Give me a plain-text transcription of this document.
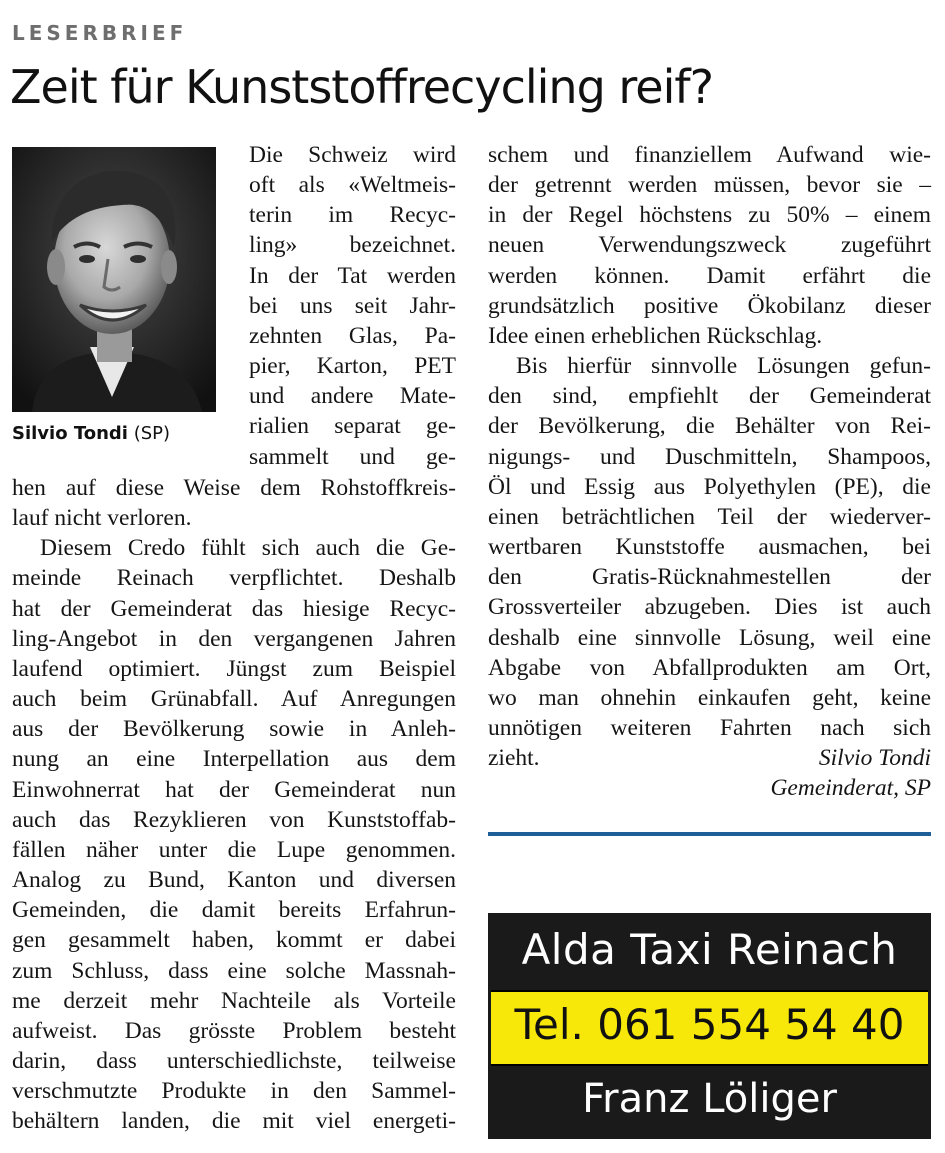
LESERBRIEF
Zeit für Kunststoffrecycling reif?
Silvio Tondi (SP)
Die Schweiz wird
oft als «Weltmeis-
terin im Recyc-
ling» bezeichnet.
In der Tat werden
bei uns seit Jahr-
zehnten Glas, Pa-
pier, Karton, PET
und andere Mate-
rialien separat ge-
sammelt und ge-
hen auf diese Weise dem Rohstoffkreis-
lauf nicht verloren.
Diesem Credo fühlt sich auch die Ge-
meinde Reinach verpflichtet. Deshalb
hat der Gemeinderat das hiesige Recyc-
ling-Angebot in den vergangenen Jahren
laufend optimiert. Jüngst zum Beispiel
auch beim Grünabfall. Auf Anregungen
aus der Bevölkerung sowie in Anleh-
nung an eine Interpellation aus dem
Einwohnerrat hat der Gemeinderat nun
auch das Rezyklieren von Kunststoffab-
fällen näher unter die Lupe genommen.
Analog zu Bund, Kanton und diversen
Gemeinden, die damit bereits Erfahrun-
gen gesammelt haben, kommt er dabei
zum Schluss, dass eine solche Massnah-
me derzeit mehr Nachteile als Vorteile
aufweist. Das grösste Problem besteht
darin, dass unterschiedlichste, teilweise
verschmutzte Produkte in den Sammel-
behältern landen, die mit viel energeti-
schem und finanziellem Aufwand wie-
der getrennt werden müssen, bevor sie –
in der Regel höchstens zu 50% – einem
neuen Verwendungszweck zugeführt
werden können. Damit erfährt die
grundsätzlich positive Ökobilanz dieser
Idee einen erheblichen Rückschlag.
Bis hierfür sinnvolle Lösungen gefun-
den sind, empfiehlt der Gemeinderat
der Bevölkerung, die Behälter von Rei-
nigungs- und Duschmitteln, Shampoos,
Öl und Essig aus Polyethylen (PE), die
einen beträchtlichen Teil der wiederver-
wertbaren Kunststoffe ausmachen, bei
den Gratis-Rücknahmestellen der
Grossverteiler abzugeben. Dies ist auch
deshalb eine sinnvolle Lösung, weil eine
Abgabe von Abfallprodukten am Ort,
wo man ohnehin einkaufen geht, keine
unnötigen weiteren Fahrten nach sich
zieht.	Silvio Tondi
Gemeinderat, SP
Alda Taxi Reinach
Tel. 061 554 54 40
Franz Löliger
